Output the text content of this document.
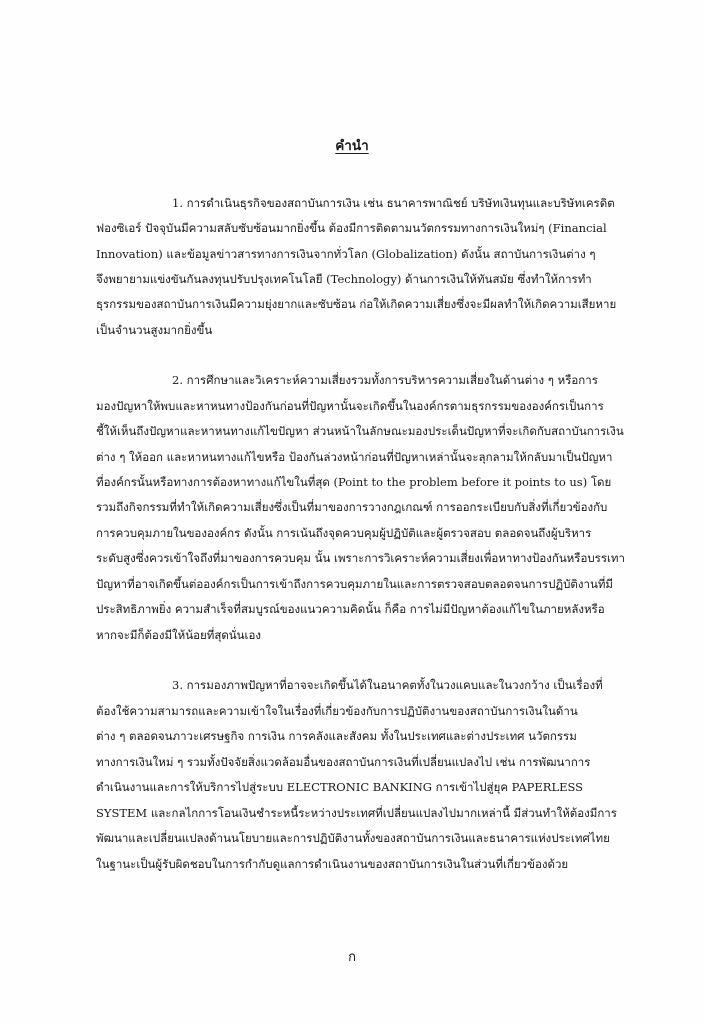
คำนำ
1. การดำเนินธุรกิจของสถาบันการเงิน เช่น ธนาคารพาณิชย์ บริษัทเงินทุนและบริษัทเครดิต
ฟองซิเอร์ ปัจจุบันมีความสลับซับซ้อนมากยิ่งขึ้น ต้องมีการติดตามนวัตกรรมทางการเงินใหม่ๆ (Financial
Innovation) และข้อมูลข่าวสารทางการเงินจากทั่วโลก (Globalization) ดังนั้น สถาบันการเงินต่าง ๆ
จึงพยายามแข่งขันกันลงทุนปรับปรุงเทคโนโลยี (Technology) ด้านการเงินให้ทันสมัย ซึ่งทำให้การทำ
ธุรกรรมของสถาบันการเงินมีความยุ่งยากและซับซ้อน ก่อให้เกิดความเสี่ยงซึ่งจะมีผลทำให้เกิดความเสียหาย
เป็นจำนวนสูงมากยิ่งขึ้น
2. การศึกษาและวิเคราะห์ความเสี่ยงรวมทั้งการบริหารความเสี่ยงในด้านต่าง ๆ หรือการ
มองปัญหาให้พบและหาหนทางป้องกันก่อนที่ปัญหานั้นจะเกิดขึ้นในองค์กรตามธุรกรรมขององค์กรเป็นการ
ชี้ให้เห็นถึงปัญหาและหาหนทางแก้ไขปัญหา ส่วนหน้าในลักษณะมองประเด็นปัญหาที่จะเกิดกับสถาบันการเงิน
ต่าง ๆ ให้ออก และหาหนทางแก้ไขหรือ ป้องกันล่วงหน้าก่อนที่ปัญหาเหล่านั้นจะลุกลามให้กลับมาเป็นปัญหา
ที่องค์กรนั้นหรือทางการต้องหาทางแก้ไขในที่สุด (Point to the problem before it points to us) โดย
รวมถึงกิจกรรมที่ทำให้เกิดความเสี่ยงซึ่งเป็นที่มาของการวางกฎเกณฑ์ การออกระเบียบกับสิ่งที่เกี่ยวข้องกับ
การควบคุมภายในขององค์กร ดังนั้น การเน้นถึงจุดควบคุมผู้ปฏิบัติและผู้ตรวจสอบ ตลอดจนถึงผู้บริหาร
ระดับสูงซึ่งควรเข้าใจถึงที่มาของการควบคุม นั้น เพราะการวิเคราะห์ความเสี่ยงเพื่อหาทางป้องกันหรือบรรเทา
ปัญหาที่อาจเกิดขึ้นต่อองค์กรเป็นการเข้าถึงการควบคุมภายในและการตรวจสอบตลอดจนการปฏิบัติงานที่มี
ประสิทธิภาพยิ่ง ความสำเร็จที่สมบูรณ์ของแนวความคิดนั้น ก็คือ การไม่มีปัญหาต้องแก้ไขในภายหลังหรือ
หากจะมีก็ต้องมีให้น้อยที่สุดนั่นเอง
3. การมองภาพปัญหาที่อาจจะเกิดขึ้นได้ในอนาคตทั้งในวงแคบและในวงกว้าง เป็นเรื่องที่
ต้องใช้ความสามารถและความเข้าใจในเรื่องที่เกี่ยวข้องกับการปฏิบัติงานของสถาบันการเงินในด้าน
ต่าง ๆ ตลอดจนภาวะเศรษฐกิจ การเงิน การคลังและสังคม ทั้งในประเทศและต่างประเทศ นวัตกรรม
ทางการเงินใหม่ ๆ รวมทั้งปัจจัยสิ่งแวดล้อมอื่นของสถาบันการเงินที่เปลี่ยนแปลงไป เช่น การพัฒนาการ
ดำเนินงานและการให้บริการไปสู่ระบบ ELECTRONIC BANKING การเข้าไปสู่ยุค PAPERLESS
SYSTEM และกลไกการโอนเงินชำระหนี้ระหว่างประเทศที่เปลี่ยนแปลงไปมากเหล่านี้ มีส่วนทำให้ต้องมีการ
พัฒนาและเปลี่ยนแปลงด้านนโยบายและการปฏิบัติงานทั้งของสถาบันการเงินและธนาคารแห่งประเทศไทย
ในฐานะเป็นผู้รับผิดชอบในการกำกับดูแลการดำเนินงานของสถาบันการเงินในส่วนที่เกี่ยวข้องด้วย
ก
